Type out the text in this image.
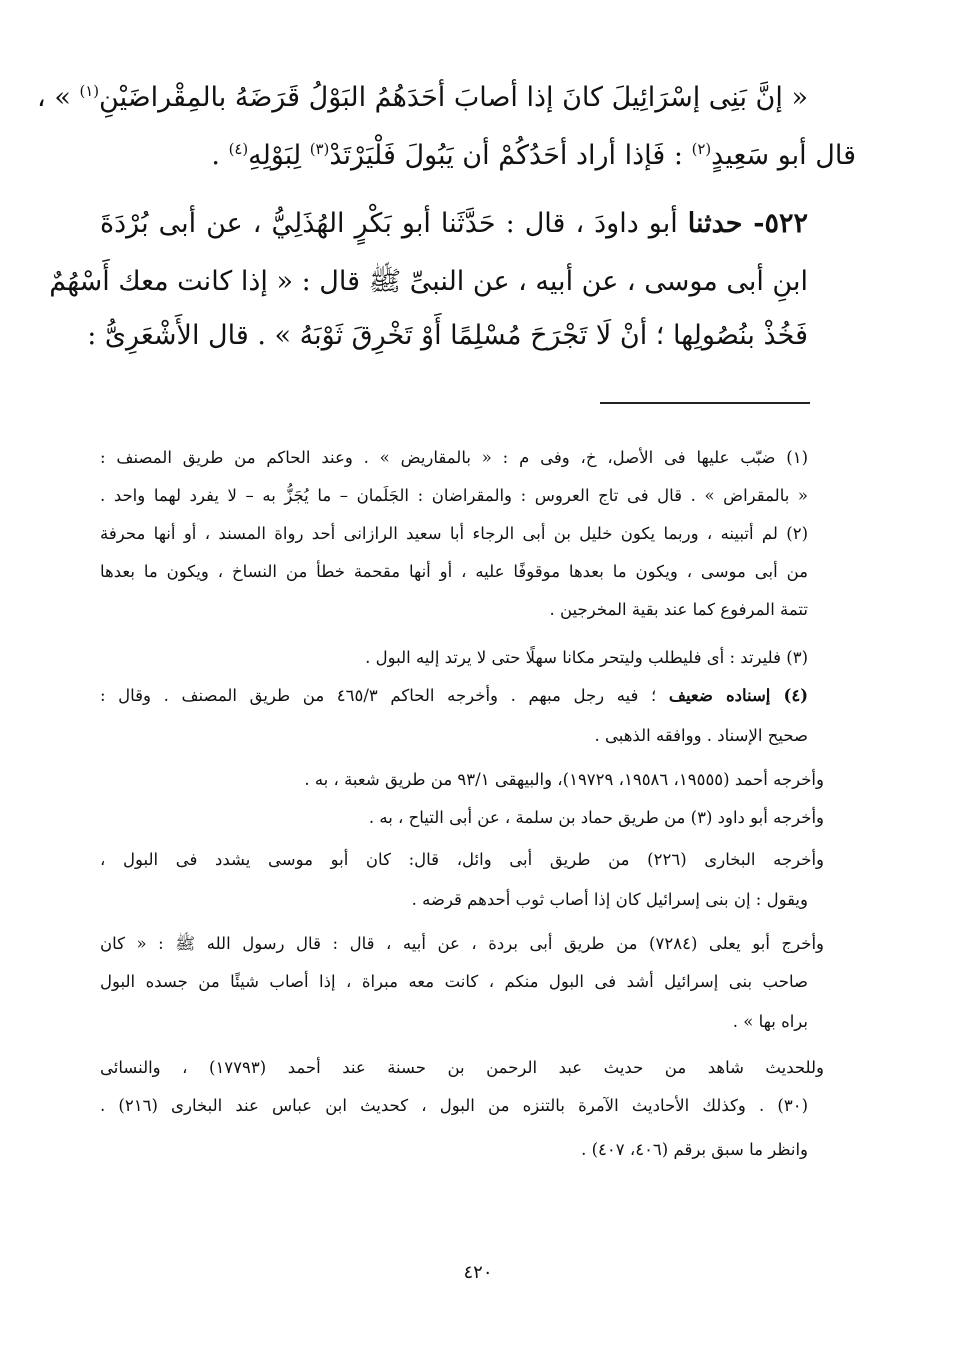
« إنَّ بَنِى إسْرَائِيلَ كانَ إذا أصابَ أحَدَهُمُ البَوْلُ قَرَضَهُ بالمِقْراضَيْنِ$^{(١)}$ » ،
قال أبو سَعِيدٍ$^{(٢)}$ : فَإذا أراد أحَدُكُمْ أن يَبُولَ فَلْيَرْتَدْ$^{(٣)}$ لِبَوْلِهِ$^{(٤)}$ .
٥٢٢- حدثنا أبو داودَ ، قال : حَدَّثَنا أبو بَكْرٍ الهُذَلِيُّ ، عن أبى بُرْدَةَ
ابنِ أبى موسى ، عن أبيه ، عن النبىِّ ﷺ قال : « إذا كانت معك أَسْهُمٌ
فَخُذْ بنُصُولِها ؛ أنْ لَا تَجْرَحَ مُسْلِمًا أَوْ تَخْرِقَ ثَوْبَهُ » . قال الأَشْعَرِىُّ :
(١) ضبّب عليها فى الأصل، خ، وفى م : « بالمقاريض » . وعند الحاكم من طريق المصنف :
« بالمقراض » . قال فى تاج العروس : والمقراضان : الجَلَمان – ما يُجَزُّ به – لا يفرد لهما واحد .
(٢) لم أتبينه ، وربما يكون خليل بن أبى الرجاء أبا سعيد الرازانى أحد رواة المسند ، أو أنها محرفة
من أبى موسى ، ويكون ما بعدها موقوفًا عليه ، أو أنها مقحمة خطأ من النساخ ، ويكون ما بعدها
تتمة المرفوع كما عند بقية المخرجين .
(٣) فليرتد : أى فليطلب وليتحر مكانا سهلًا حتى لا يرتد إليه البول .
(٤) إسناده ضعيف ؛ فيه رجل مبهم . وأخرجه الحاكم ٤٦٥/٣ من طريق المصنف . وقال :
صحيح الإسناد . ووافقه الذهبى .
وأخرجه أحمد (١٩٥٥٥، ١٩٥٨٦، ١٩٧٢٩)، والبيهقى ٩٣/١ من طريق شعبة ، به .
وأخرجه أبو داود (٣) من طريق حماد بن سلمة ، عن أبى التياح ، به .
وأخرجه البخارى (٢٢٦) من طريق أبى وائل، قال: كان أبو موسى يشدد فى البول ،
ويقول : إن بنى إسرائيل كان إذا أصاب ثوب أحدهم قرضه .
وأخرج أبو يعلى (٧٢٨٤) من طريق أبى بردة ، عن أبيه ، قال : قال رسول الله ﷺ : « كان
صاحب بنى إسرائيل أشد فى البول منكم ، كانت معه مبراة ، إذا أصاب شيئًا من جسده البول
براه بها » .
وللحديث شاهد من حديث عبد الرحمن بن حسنة عند أحمد (١٧٧٩٣) ، والنسائى
(٣٠) . وكذلك الأحاديث الآمرة بالتنزه من البول ، كحديث ابن عباس عند البخارى (٢١٦) .
وانظر ما سبق برقم (٤٠٦، ٤٠٧) .
٤٢٠
